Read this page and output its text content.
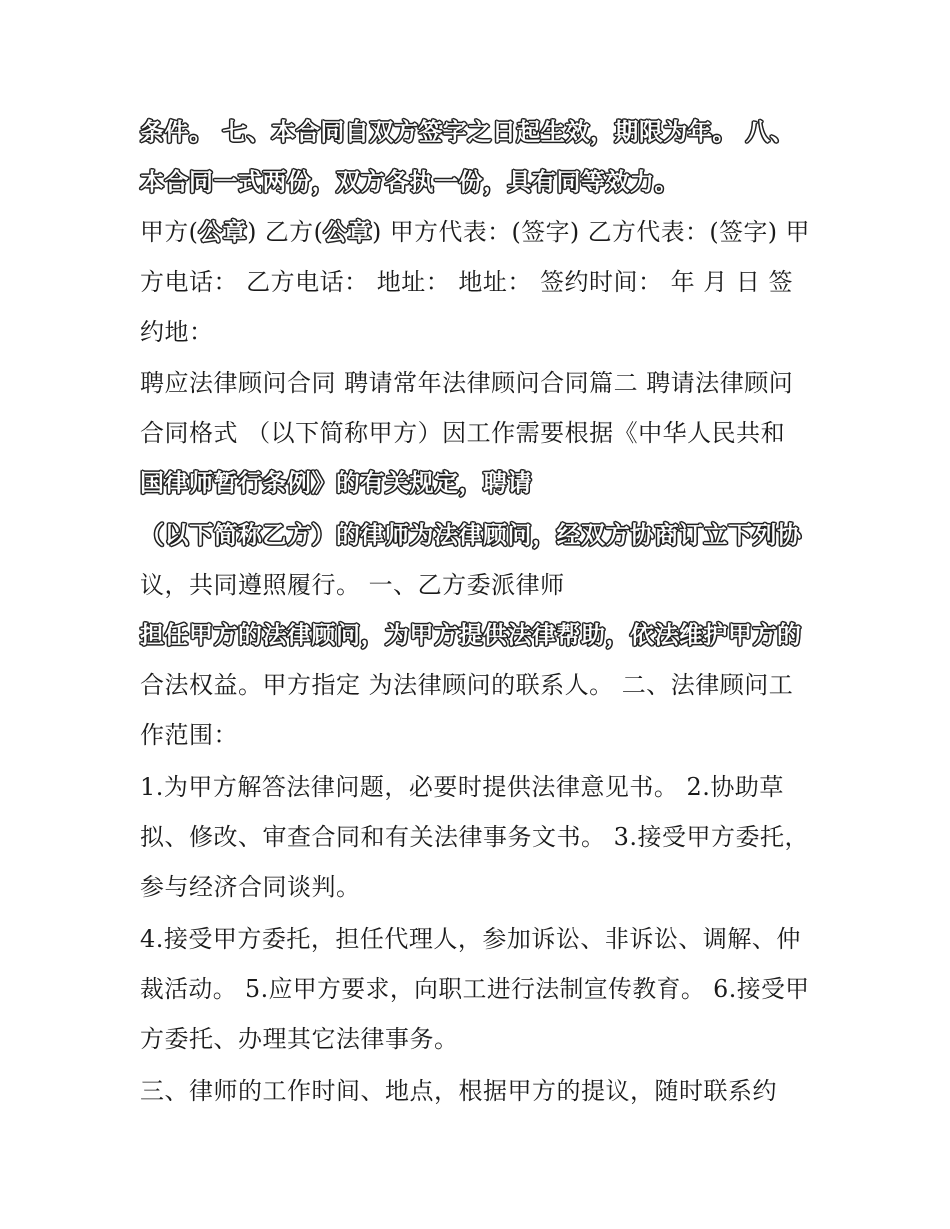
条件。 七、本合同自双方签字之日起生效，期限为年。 八、
本合同一式两份，双方各执一份，具有同等效力。
甲方(公章) 乙方(公章) 甲方代表：(签字) 乙方代表：(签字) 甲
方电话： 乙方电话： 地址： 地址： 签约时间： 年 月 日 签
约地：
聘应法律顾问合同 聘请常年法律顾问合同篇二 聘请法律顾问
合同格式 （以下简称甲方）因工作需要根据《中华人民共和
国律师暂行条例》的有关规定，聘请
（以下简称乙方）的律师为法律顾问，经双方协商订立下列协
议，共同遵照履行。 一、乙方委派律师
担任甲方的法律顾问，为甲方提供法律帮助，依法维护甲方的
合法权益。甲方指定 为法律顾问的联系人。 二、法律顾问工
作范围：
1.为甲方解答法律问题，必要时提供法律意见书。 2.协助草
拟、修改、审查合同和有关法律事务文书。 3.接受甲方委托，
参与经济合同谈判。
4.接受甲方委托，担任代理人，参加诉讼、非诉讼、调解、仲
裁活动。 5.应甲方要求，向职工进行法制宣传教育。 6.接受甲
方委托、办理其它法律事务。
三、律师的工作时间、地点，根据甲方的提议，随时联系约
